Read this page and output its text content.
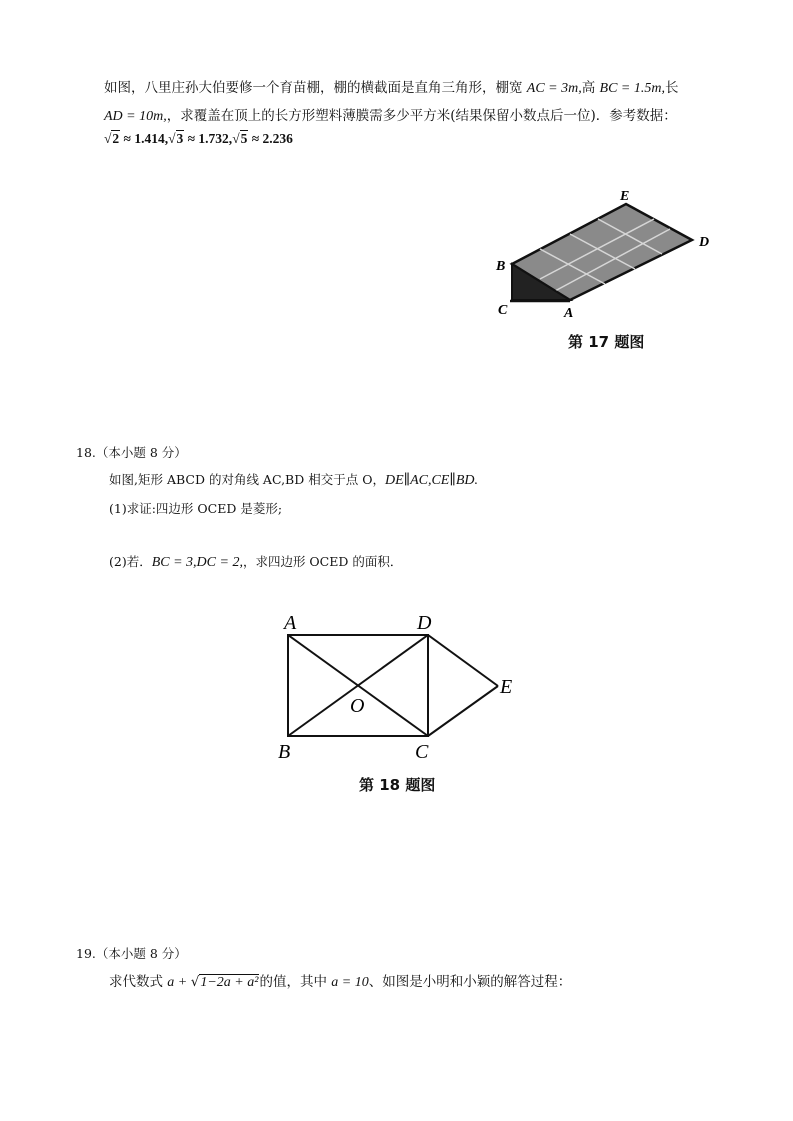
如图，八里庄孙大伯要修一个育苗棚，棚的横截面是直角三角形，棚宽 AC = 3m,高 BC = 1.5m,长
AD = 10m,，求覆盖在顶上的长方形塑料薄膜需多少平方米(结果保留小数点后一位)．参考数据：
√2 ≈ 1.414,√3 ≈ 1.732,√5 ≈ 2.236
E
D
B
C	A
第 17 题图
18.（本小题 8 分）
如图,矩形 ABCD 的对角线 AC,BD 相交于点 O，DE∥AC,CE∥BD.
(1)求证:四边形 OCED 是菱形;
(2)若．BC = 3,DC = 2,，求四边形 OCED 的面积．
A	D
E
O
B	C
第 18 题图
19.（本小题 8 分）
求代数式 a + √1−2a + a²的值，其中 a = 10、如图是小明和小颖的解答过程：
